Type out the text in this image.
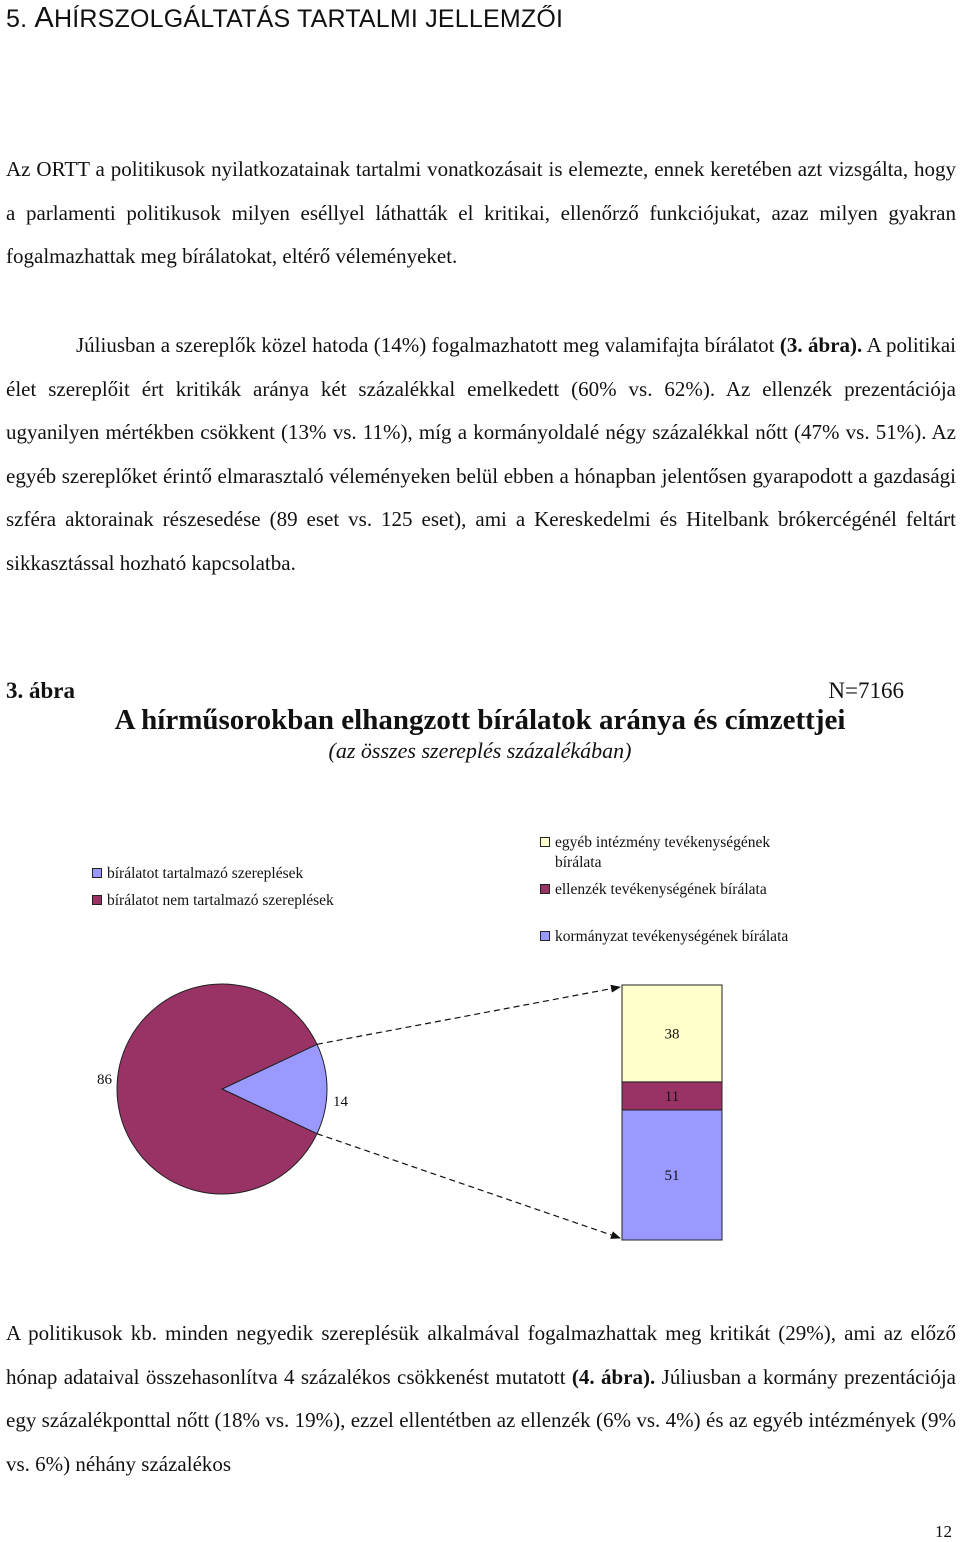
5. AHÍRSZOLGÁLTATÁS TARTALMI JELLEMZŐI

Az ORTT a politikusok nyilatkozatainak tartalmi vonatkozásait is elemezte, ennek keretében azt vizsgálta, hogy a parlamenti politikusok milyen eséllyel láthatták el kritikai, ellenőrző funkciójukat, azaz milyen gyakran fogalmazhattak meg bírálatokat, eltérő véleményeket.

Júliusban a szereplők közel hatoda (14%) fogalmazhatott meg valamifajta bírálatot (3. ábra). A politikai élet szereplőit ért kritikák aránya két százalékkal emelkedett (60% vs. 62%). Az ellenzék prezentációja ugyanilyen mértékben csökkent (13% vs. 11%), míg a kormányoldalé négy százalékkal nőtt (47% vs. 51%). Az egyéb szereplőket érintő elmarasztaló véleményeken belül ebben a hónapban jelentősen gyarapodott a gazdasági szféra aktorainak részesedése (89 eset vs. 125 eset), ami a Kereskedelmi és Hitelbank brókercégénél feltárt sikkasztással hozható kapcsolatba.

3. ábra	N=7166
A hírműsorokban elhangzott bírálatok aránya és címzettjei
(az összes szereplés százalékában)
bírálatot tartalmazó szereplések
bírálatot nem tartalmazó szereplések
egyéb intézmény tevékenységének bírálata
ellenzék tevékenységének bírálata
kormányzat tevékenységének bírálata
86
14
51
11
38

A politikusok kb. minden negyedik szereplésük alkalmával fogalmazhattak meg kritikát (29%), ami az előző hónap adataival összehasonlítva 4 százalékos csökkenést mutatott (4. ábra). Júliusban a kormány prezentációja egy százalékponttal nőtt (18% vs. 19%), ezzel ellentétben az ellenzék (6% vs. 4%) és az egyéb intézmények (9% vs. 6%) néhány százalékos

12
